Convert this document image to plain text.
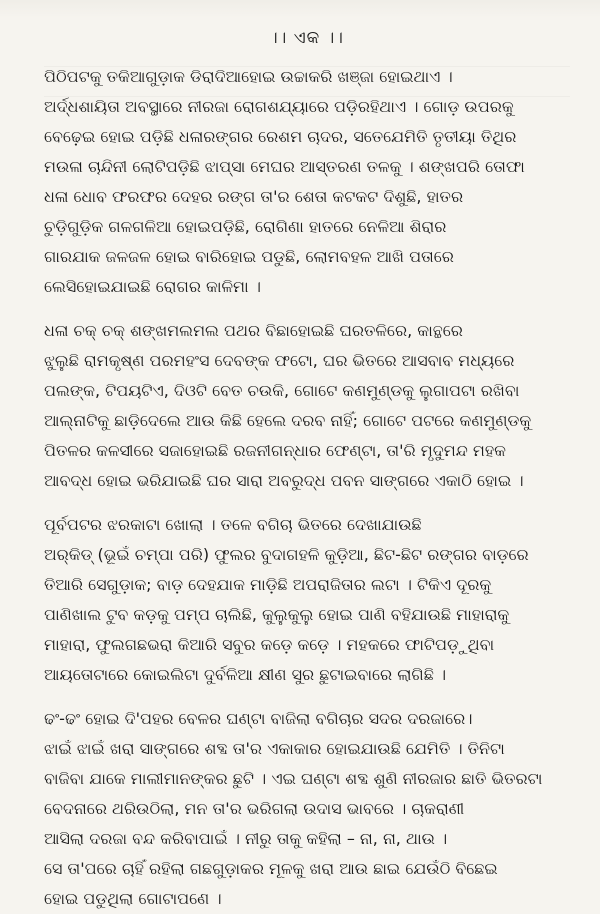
।। ଏକ ।।
ପିଠିପଟକୁ ତକିଆଗୁଡ଼ାକ ଡିରାଦିଆହୋଇ ଉଚ୍ଚାକରି ଖଞ୍ଜା ହୋଇଥାଏ ।
ଅର୍ଦ୍ଧଶାୟିତା ଅବସ୍ଥାରେ ନୀରଜା ରୋଗଶଯ୍ୟାରେ ପଡ଼ିରହିଥାଏ । ଗୋଡ଼ ଉପରକୁ
ବେଢ଼େଇ ହୋଇ ପଡ଼ିଛି ଧଳାରଙ୍ଗର ରେଶମ ଚାଦର, ସତେଯେମିତି ତୃତୀୟା ତିଥିର
ମଉଳା ଚାନ୍ଦିନୀ ଲୋଟିପଡ଼ିଛି ଝାପ୍ସା ମେଘର ଆସ୍ତରଣ ତଳକୁ । ଶଙ୍ଖପରି ତୋଫା
ଧଳା ଧୋବ ଫରଫର ଦେହର ରଙ୍ଗ ତା'ର ଶେତା କଟକଟ ଦିଶୁଛି, ହାତର
ଚୁଡ଼ିଗୁଡ଼ିକ ଗଳଗଳିଆ ହୋଇପଡ଼ିଛି, ରୋଗିଣା ହାତରେ ନେଳିଆ ଶିରାର
ଗାରଯାକ ଜଳଜଳ ହୋଇ ବାରିହୋଇ ପଡୁଛି, ଲୋମବହଳ ଆଖି ପତାରେ
ଲେସିହୋଇଯାଇଛି ରୋଗର କାଳିମା ।
ଧଳା ଚକ୍ ଚକ୍ ଶଙ୍ଖମଲମଲ ପଥର ବିଛାହୋଇଛି ଘରତଳିରେ, କାନ୍ଥରେ
ଝୁଲୁଛି ରାମକୃଷ୍ଣ ପରମହଂସ ଦେବଙ୍କ ଫଟୋ, ଘର ଭିତରେ ଆସବାବ ମଧ୍ୟରେ
ପଲଙ୍କ, ଟିପୟଟିଏ, ଦିଓଟି ବେତ ଚଉକି, ଗୋଟେ କଣମୁଣ୍ଡକୁ ଲୁଗାପଟା ରଖିବା
ଆଲ୍‌ନାଟିକୁ ଛାଡ଼ିଦେଲେ ଆଉ କିଛି ହେଲେ ଦରବ ନାହିଁ; ଗୋଟେ ପଟରେ କଣମୁଣ୍ଡକୁ
ପିତଳର କଳସୀରେ ସଜାହୋଇଛି ରଜନୀଗନ୍ଧାର ଫେଣ୍ଟା, ତା'ରି ମୃଦୁମନ୍ଦ ମହକ
ଆବଦ୍ଧ ହୋଇ ଭରିଯାଇଛି ଘର ସାରା ଅବରୁଦ୍ଧ ପବନ ସାଙ୍ଗରେ ଏକାଠି ହୋଇ ।
ପୂର୍ବପଟର ଝରକାଟା ଖୋଲା । ତଳେ ବଗିଚା ଭିତରେ ଦେଖାଯାଉଛି
ଅର୍‌କିଡ୍ (ଭୂଇଁ ଚମ୍ପା ପରି) ଫୁଲର ବୁଦାଗହଳି କୁଡ଼ିଆ, ଛିଟ-ଛିଟ ରଙ୍ଗର ବାଡ଼ରେ
ତିଆରି ସେଗୁଡ଼ାକ; ବାଡ଼ ଦେହଯାକ ମାଡ଼ିଛି ଅପରାଜିତାର ଲଟା । ଟିକିଏ ଦୂରକୁ
ପାଣିଖାଲ ଟୁବ କଡ଼କୁ ପମ୍ପ ଚାଲିଛି, କୁଲୁକୁଲୁ ହୋଇ ପାଣି ବହିଯାଉଛି ମାହାରାକୁ
ମାହାରା, ଫୁଲଗଛଭରା କିଆରି ସବୁର କଡ଼େ କଡ଼େ । ମହକରେ ଫାଟିପଡ଼ୁଥିବା
ଆୟତୋଟାରେ କୋଇଲିଟା ଦୁର୍ବଳିଆ କ୍ଷୀଣ ସୁର ଛୁଟାଇବାରେ ଲାଗିଛି ।
ଢଂ-ଢଂ ହୋଇ ଦି'ପହର ବେଳର ଘଣ୍ଟା ବାଜିଲା ବଗିଚାର ସଦର ଦରଜାରେ।
ଝାଇଁ ଝାଇଁ ଖରା ସାଙ୍ଗରେ ଶବ୍ଦ ତା'ର ଏକାକାର ହୋଇଯାଉଛି ଯେମିତି । ତିନିଟା
ବାଜିବା ଯାକେ ମାଲୀମାନଙ୍କର ଛୁଟି । ଏଇ ଘଣ୍ଟା ଶବ୍ଦ ଶୁଣି ନୀରଜାର ଛାତି ଭିତରଟା
ବେଦନାରେ ଥରିଉଠିଲା, ମନ ତା'ର ଭରିଗଲା ଉଦାସ ଭାବରେ । ଚାକରାଣୀ
ଆସିଲା ଦରଜା ବନ୍ଦ କରିବାପାଇଁ । ନୀରୁ ତାକୁ କହିଲା – ନା, ନା, ଥାଉ ।
ସେ ତା'ପରେ ଚାହିଁ ରହିଲା ଗଛଗୁଡ଼ାକର ମୂଳକୁ ଖରା ଆଉ ଛାଇ ଯେଉଁଠି ବିଛେଇ
ହୋଇ ପଡୁଥିଲା ଗୋଟାପଣେ ।
